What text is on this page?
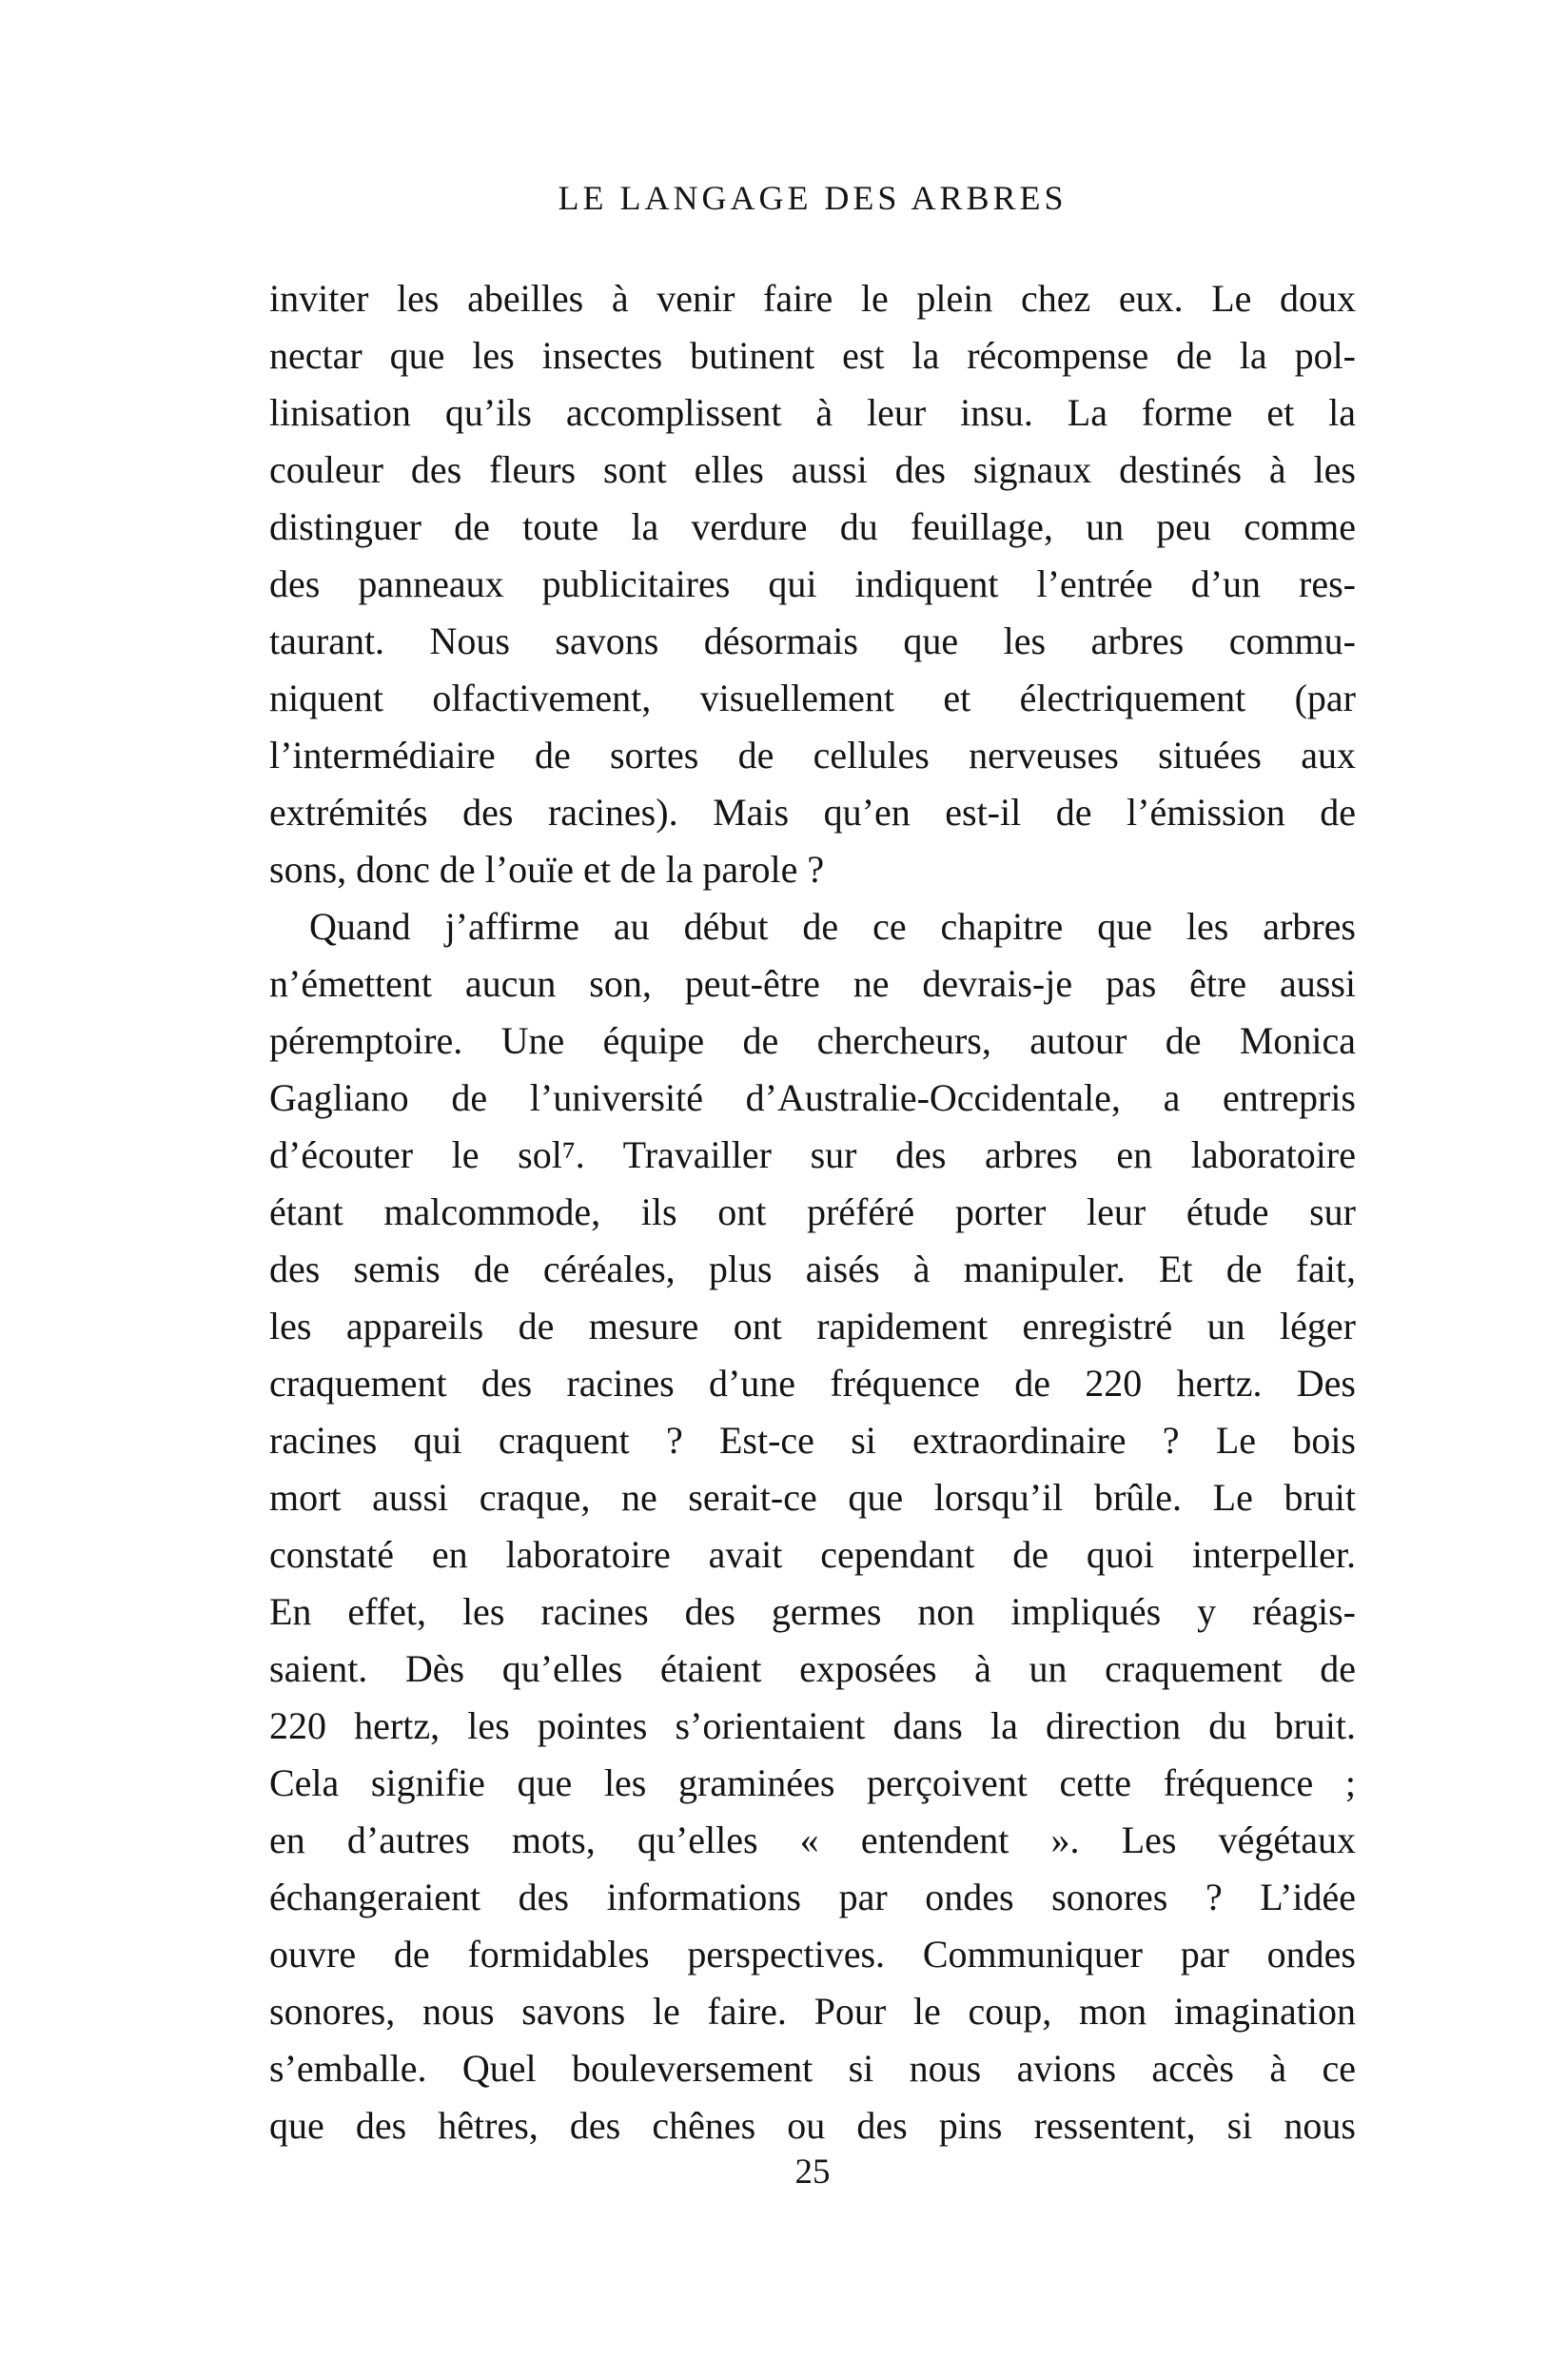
LE LANGAGE DES ARBRES
inviter les abeilles à venir faire le plein chez eux. Le doux
nectar que les insectes butinent est la récompense de la pol-
linisation qu’ils accomplissent à leur insu. La forme et la
couleur des fleurs sont elles aussi des signaux destinés à les
distinguer de toute la verdure du feuillage, un peu comme
des panneaux publicitaires qui indiquent l’entrée d’un res-
taurant. Nous savons désormais que les arbres commu-
niquent olfactivement, visuellement et électriquement (par
l’intermédiaire de sortes de cellules nerveuses situées aux
extrémités des racines). Mais qu’en est-il de l’émission de
sons, donc de l’ouïe et de la parole ?
Quand j’affirme au début de ce chapitre que les arbres
n’émettent aucun son, peut-être ne devrais-je pas être aussi
péremptoire. Une équipe de chercheurs, autour de Monica
Gagliano de l’université d’Australie-Occidentale, a entrepris
d’écouter le sol⁷. Travailler sur des arbres en laboratoire
étant malcommode, ils ont préféré porter leur étude sur
des semis de céréales, plus aisés à manipuler. Et de fait,
les appareils de mesure ont rapidement enregistré un léger
craquement des racines d’une fréquence de 220 hertz. Des
racines qui craquent ? Est-ce si extraordinaire ? Le bois
mort aussi craque, ne serait-ce que lorsqu’il brûle. Le bruit
constaté en laboratoire avait cependant de quoi interpeller.
En effet, les racines des germes non impliqués y réagis-
saient. Dès qu’elles étaient exposées à un craquement de
220 hertz, les pointes s’orientaient dans la direction du bruit.
Cela signifie que les graminées perçoivent cette fréquence ;
en d’autres mots, qu’elles « entendent ». Les végétaux
échangeraient des informations par ondes sonores ? L’idée
ouvre de formidables perspectives. Communiquer par ondes
sonores, nous savons le faire. Pour le coup, mon imagination
s’emballe. Quel bouleversement si nous avions accès à ce
que des hêtres, des chênes ou des pins ressentent, si nous
25
